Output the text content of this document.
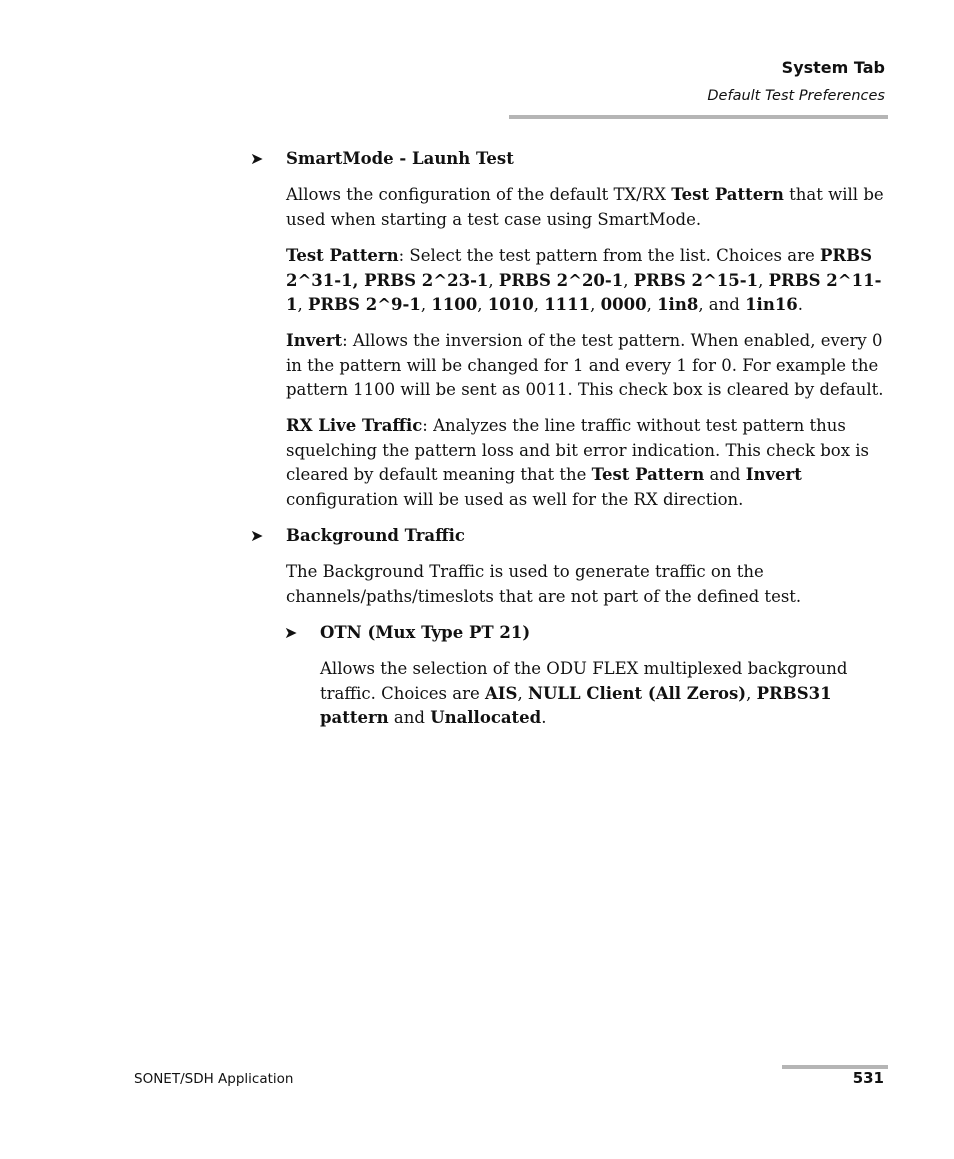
System Tab
Default Test Preferences
➤ SmartMode - Launh Test

Allows the configuration of the default TX/RX Test Pattern that will be used when starting a test case using SmartMode.

Test Pattern: Select the test pattern from the list. Choices are PRBS 2^31-1, PRBS 2^23-1, PRBS 2^20-1, PRBS 2^15-1, PRBS 2^11-1, PRBS 2^9-1, 1100, 1010, 1111, 0000, 1in8, and 1in16.

Invert: Allows the inversion of the test pattern. When enabled, every 0 in the pattern will be changed for 1 and every 1 for 0. For example the pattern 1100 will be sent as 0011. This check box is cleared by default.

RX Live Traffic: Analyzes the line traffic without test pattern thus squelching the pattern loss and bit error indication. This check box is cleared by default meaning that the Test Pattern and Invert configuration will be used as well for the RX direction.

➤ Background Traffic

The Background Traffic is used to generate traffic on the channels/paths/timeslots that are not part of the defined test.

➤ OTN (Mux Type PT 21)

Allows the selection of the ODU FLEX multiplexed background traffic. Choices are AIS, NULL Client (All Zeros), PRBS31 pattern and Unallocated.

SONET/SDH Application	531
